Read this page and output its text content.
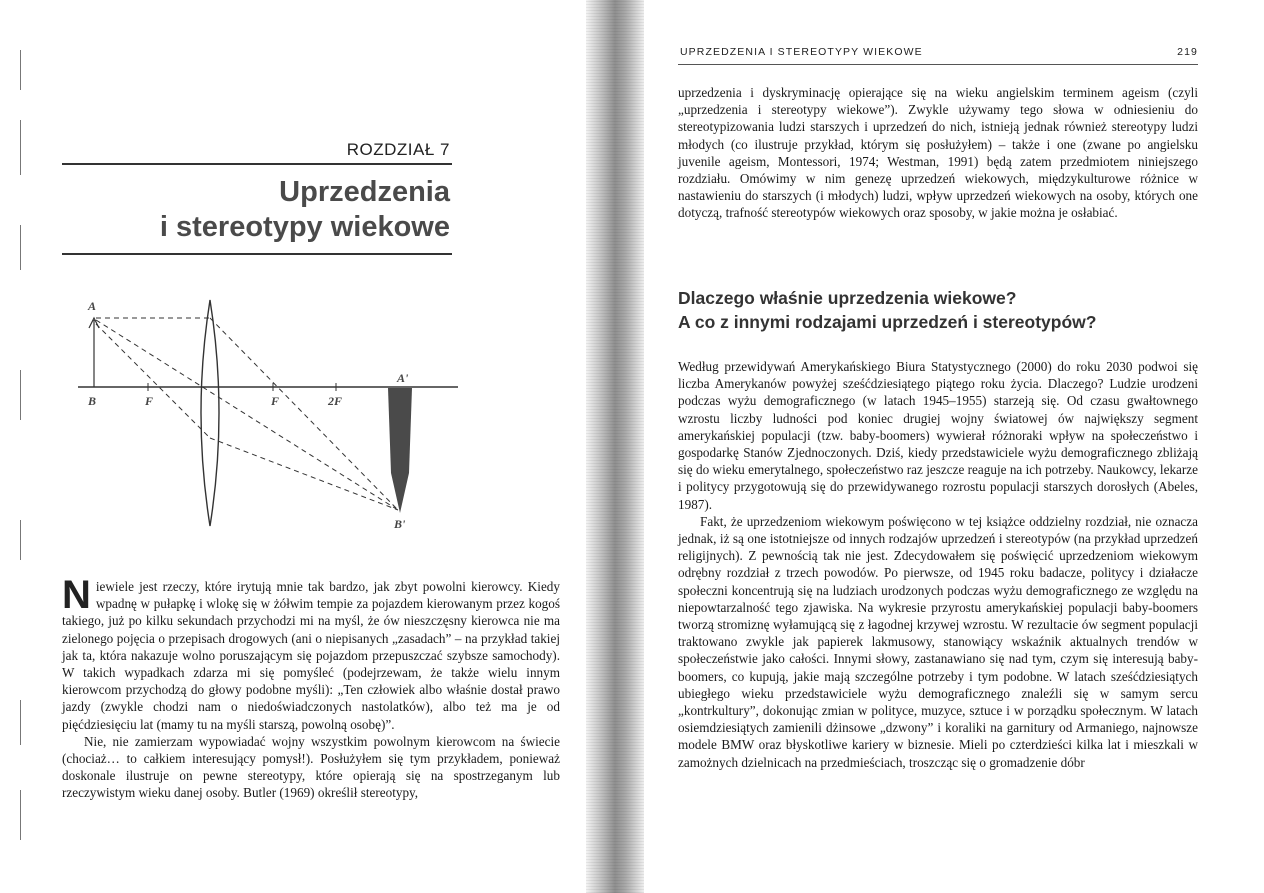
ROZDZIAŁ 7
Uprzedzenia
i stereotypy wiekowe
B	F	F	2F
B'
A'
A

Niewiele jest rzeczy, które irytują mnie tak bardzo, jak zbyt powolni kierowcy. Kiedy wpadnę w pułapkę i wlokę się w żółwim tempie za pojazdem kierowanym przez kogoś takiego, już po kilku sekundach przychodzi mi na myśl, że ów nieszczęsny kierowca nie ma zielonego pojęcia o przepisach drogowych (ani o niepisanych „zasadach” – na przykład takiej jak ta, która nakazuje wolno poruszającym się pojazdom przepuszczać szybsze samochody). W takich wypadkach zdarza mi się pomyśleć (podejrzewam, że także wielu innym kierowcom przychodzą do głowy podobne myśli): „Ten człowiek albo właśnie dostał prawo jazdy (zwykle chodzi nam o niedoświadczonych nastolatków), albo też ma je od pięćdziesięciu lat (mamy tu na myśli starszą, powolną osobę)”.

Nie, nie zamierzam wypowiadać wojny wszystkim powolnym kierowcom na świecie (chociaż… to całkiem interesujący pomysł!). Posłużyłem się tym przykładem, ponieważ doskonale ilustruje on pewne stereotypy, które opierają się na spostrzeganym lub rzeczywistym wieku danej osoby. Butler (1969) określił stereotypy,

UPRZEDZENIA I STEREOTYPY WIEKOWE	219

uprzedzenia i dyskryminację opierające się na wieku angielskim terminem ageism (czyli „uprzedzenia i stereotypy wiekowe”). Zwykle używamy tego słowa w odniesieniu do stereotypizowania ludzi starszych i uprzedzeń do nich, istnieją jednak również stereotypy ludzi młodych (co ilustruje przykład, którym się posłużyłem) – także i one (zwane po angielsku juvenile ageism, Montessori, 1974; Westman, 1991) będą zatem przedmiotem niniejszego rozdziału. Omówimy w nim genezę uprzedzeń wiekowych, międzykulturowe różnice w nastawieniu do starszych (i młodych) ludzi, wpływ uprzedzeń wiekowych na osoby, których one dotyczą, trafność stereotypów wiekowych oraz sposoby, w jakie można je osłabiać.

Dlaczego właśnie uprzedzenia wiekowe?
A co z innymi rodzajami uprzedzeń i stereotypów?

Według przewidywań Amerykańskiego Biura Statystycznego (2000) do roku 2030 podwoi się liczba Amerykanów powyżej sześćdziesiątego piątego roku życia. Dlaczego? Ludzie urodzeni podczas wyżu demograficznego (w latach 1945–1955) starzeją się. Od czasu gwałtownego wzrostu liczby ludności pod koniec drugiej wojny światowej ów największy segment amerykańskiej populacji (tzw. baby-boomers) wywierał różnoraki wpływ na społeczeństwo i gospodarkę Stanów Zjednoczonych. Dziś, kiedy przedstawiciele wyżu demograficznego zbliżają się do wieku emerytalnego, społeczeństwo raz jeszcze reaguje na ich potrzeby. Naukowcy, lekarze i politycy przygotowują się do przewidywanego rozrostu populacji starszych dorosłych (Abeles, 1987).

Fakt, że uprzedzeniom wiekowym poświęcono w tej książce oddzielny rozdział, nie oznacza jednak, iż są one istotniejsze od innych rodzajów uprzedzeń i stereotypów (na przykład uprzedzeń religijnych). Z pewnością tak nie jest. Zdecydowałem się poświęcić uprzedzeniom wiekowym odrębny rozdział z trzech powodów. Po pierwsze, od 1945 roku badacze, politycy i działacze społeczni koncentrują się na ludziach urodzonych podczas wyżu demograficznego ze względu na niepowtarzalność tego zjawiska. Na wykresie przyrostu amerykańskiej populacji baby-boomers tworzą stromiznę wyłamującą się z łagodnej krzywej wzrostu. W rezultacie ów segment populacji traktowano zwykle jak papierek lakmusowy, stanowiący wskaźnik aktualnych trendów w społeczeństwie jako całości. Innymi słowy, zastanawiano się nad tym, czym się interesują baby-boomers, co kupują, jakie mają szczególne potrzeby i tym podobne. W latach sześćdziesiątych ubiegłego wieku przedstawiciele wyżu demograficznego znaleźli się w samym sercu „kontrkultury”, dokonując zmian w polityce, muzyce, sztuce i w porządku społecznym. W latach osiemdziesiątych zamienili dżinsowe „dzwony” i koraliki na garnitury od Armaniego, najnowsze modele BMW oraz błyskotliwe kariery w biznesie. Mieli po czterdzieści kilka lat i mieszkali w zamożnych dzielnicach na przedmieściach, troszcząc się o gromadzenie dóbr
